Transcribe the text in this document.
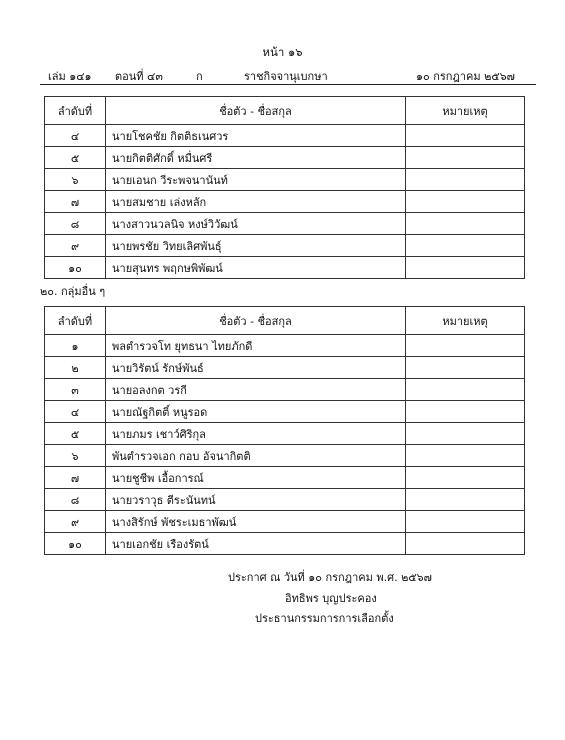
หน้า ๑๖
เล่ม ๑๔๑ ตอนที่ ๔๓	ก	ราชกิจจานุเบกษา	๑๐ กรกฎาคม ๒๕๖๗
ลำดับที่	ชื่อตัว - ชื่อสกุล	หมายเหตุ
๔	นายโชคชัย กิตติธเนศวร	
๕	นายกิตติศักดิ์ หมื่นศรี	
๖	นายเอนก วีระพจนานันท์	
๗	นายสมชาย เล่งหลัก	
๘	นางสาวนวลนิจ หงษ์วิวัฒน์	
๙	นายพรชัย วิทยเลิศพันธุ์	
๑๐	นายสุนทร พฤกษพิพัฒน์	
๒๐. กลุ่มอื่น ๆ
ลำดับที่	ชื่อตัว - ชื่อสกุล	หมายเหตุ
๑	พลตำรวจโท ยุทธนา ไทยภักดี	
๒	นายวิรัตน์ รักษ์พันธ์	
๓	นายอลงกต วรกี	
๔	นายณัฐกิตติ์ หนูรอด	
๕	นายภมร เชาว์ศิริกุล	
๖	พันตำรวจเอก กอบ อัจนากิตติ	
๗	นายชูชีพ เอื้อการณ์	
๘	นายวราวุธ ตีระนันทน์	
๙	นางสิรักษ์ พัชระเมธาพัฒน์	
๑๐	นายเอกชัย เรืองรัตน์	
ประกาศ ณ วันที่ ๑๐ กรกฎาคม พ.ศ. ๒๕๖๗
อิทธิพร บุญประคอง
ประธานกรรมการการเลือกตั้ง
